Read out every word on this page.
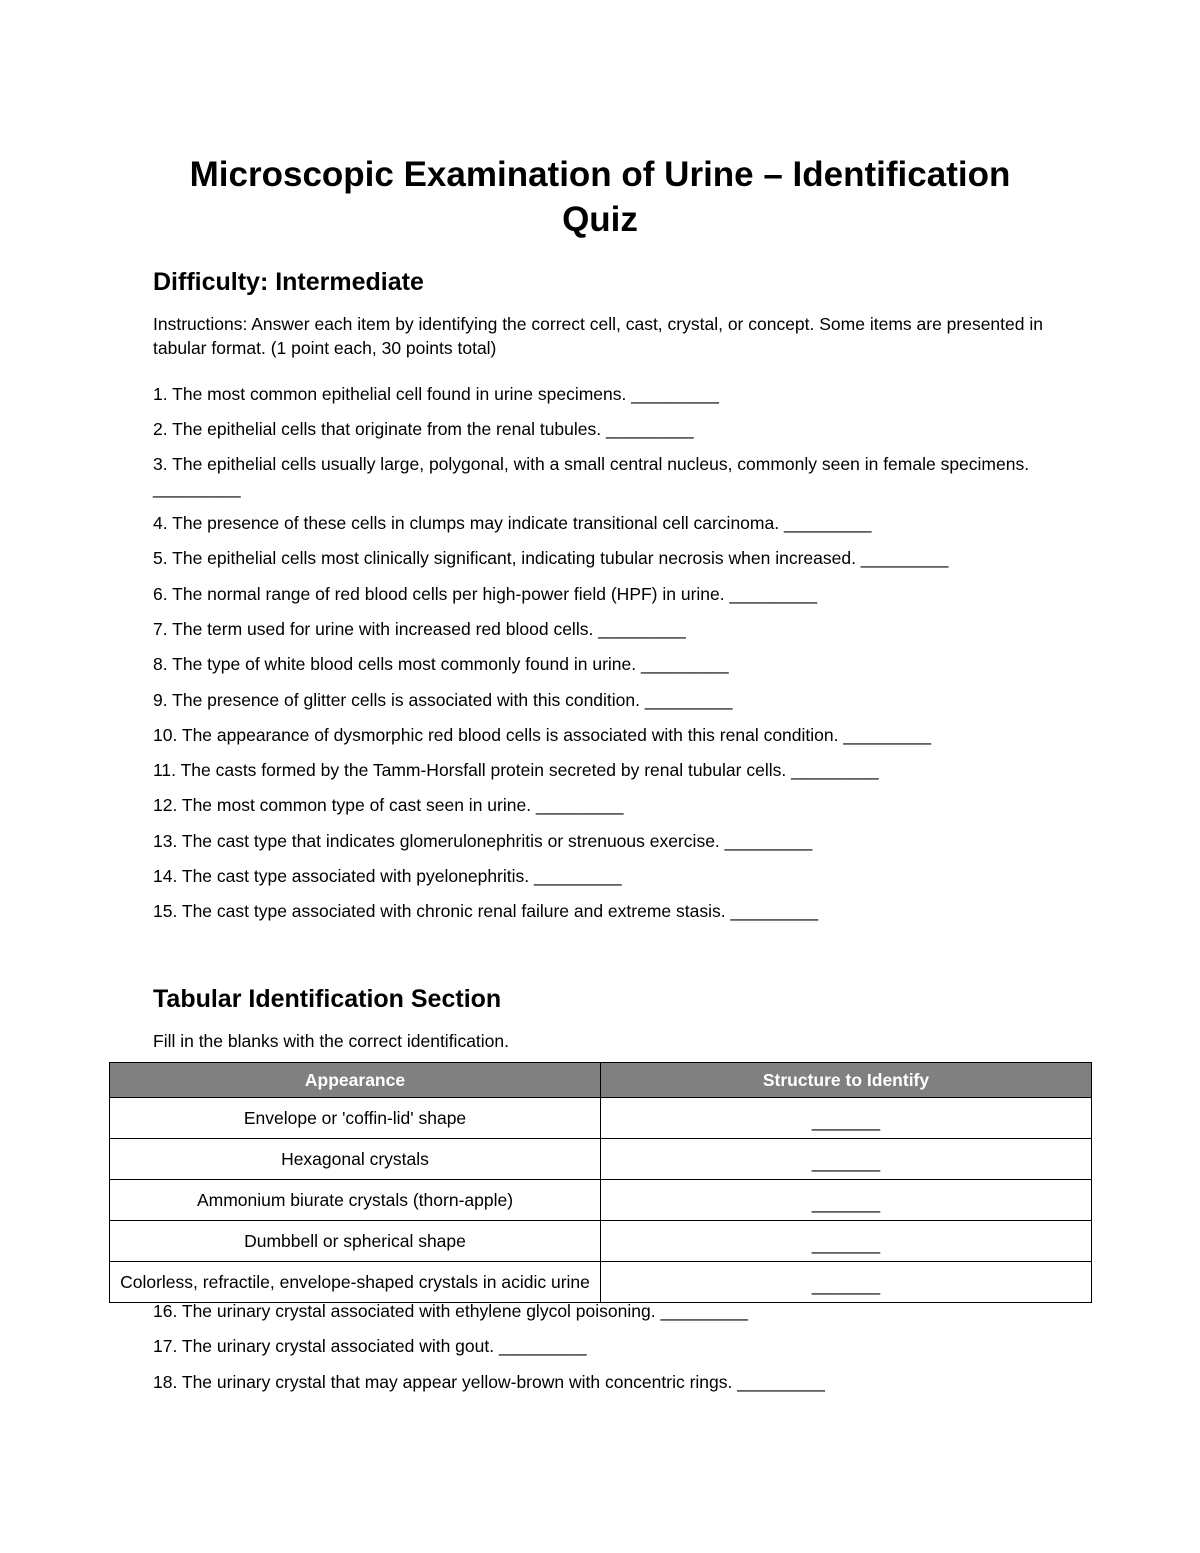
Microscopic Examination of Urine – Identification
Quiz
Difficulty: Intermediate
Instructions: Answer each item by identifying the correct cell, cast, crystal, or concept. Some items are presented in tabular format. (1 point each, 30 points total)
1. The most common epithelial cell found in urine specimens. _________
2. The epithelial cells that originate from the renal tubules. _________
3. The epithelial cells usually large, polygonal, with a small central nucleus, commonly seen in female specimens. _________
4. The presence of these cells in clumps may indicate transitional cell carcinoma. _________
5. The epithelial cells most clinically significant, indicating tubular necrosis when increased. _________
6. The normal range of red blood cells per high-power field (HPF) in urine. _________
7. The term used for urine with increased red blood cells. _________
8. The type of white blood cells most commonly found in urine. _________
9. The presence of glitter cells is associated with this condition. _________
10. The appearance of dysmorphic red blood cells is associated with this renal condition. _________
11. The casts formed by the Tamm-Horsfall protein secreted by renal tubular cells. _________
12. The most common type of cast seen in urine. _________
13. The cast type that indicates glomerulonephritis or strenuous exercise. _________
14. The cast type associated with pyelonephritis. _________
15. The cast type associated with chronic renal failure and extreme stasis. _________
Tabular Identification Section
Fill in the blanks with the correct identification.
Appearance	Structure to Identify
Envelope or 'coffin-lid' shape	_______
Hexagonal crystals	_______
Ammonium biurate crystals (thorn-apple)	_______
Dumbbell or spherical shape	_______
Colorless, refractile, envelope-shaped crystals in acidic urine	_______
16. The urinary crystal associated with ethylene glycol poisoning. _________
17. The urinary crystal associated with gout. _________
18. The urinary crystal that may appear yellow-brown with concentric rings. _________
